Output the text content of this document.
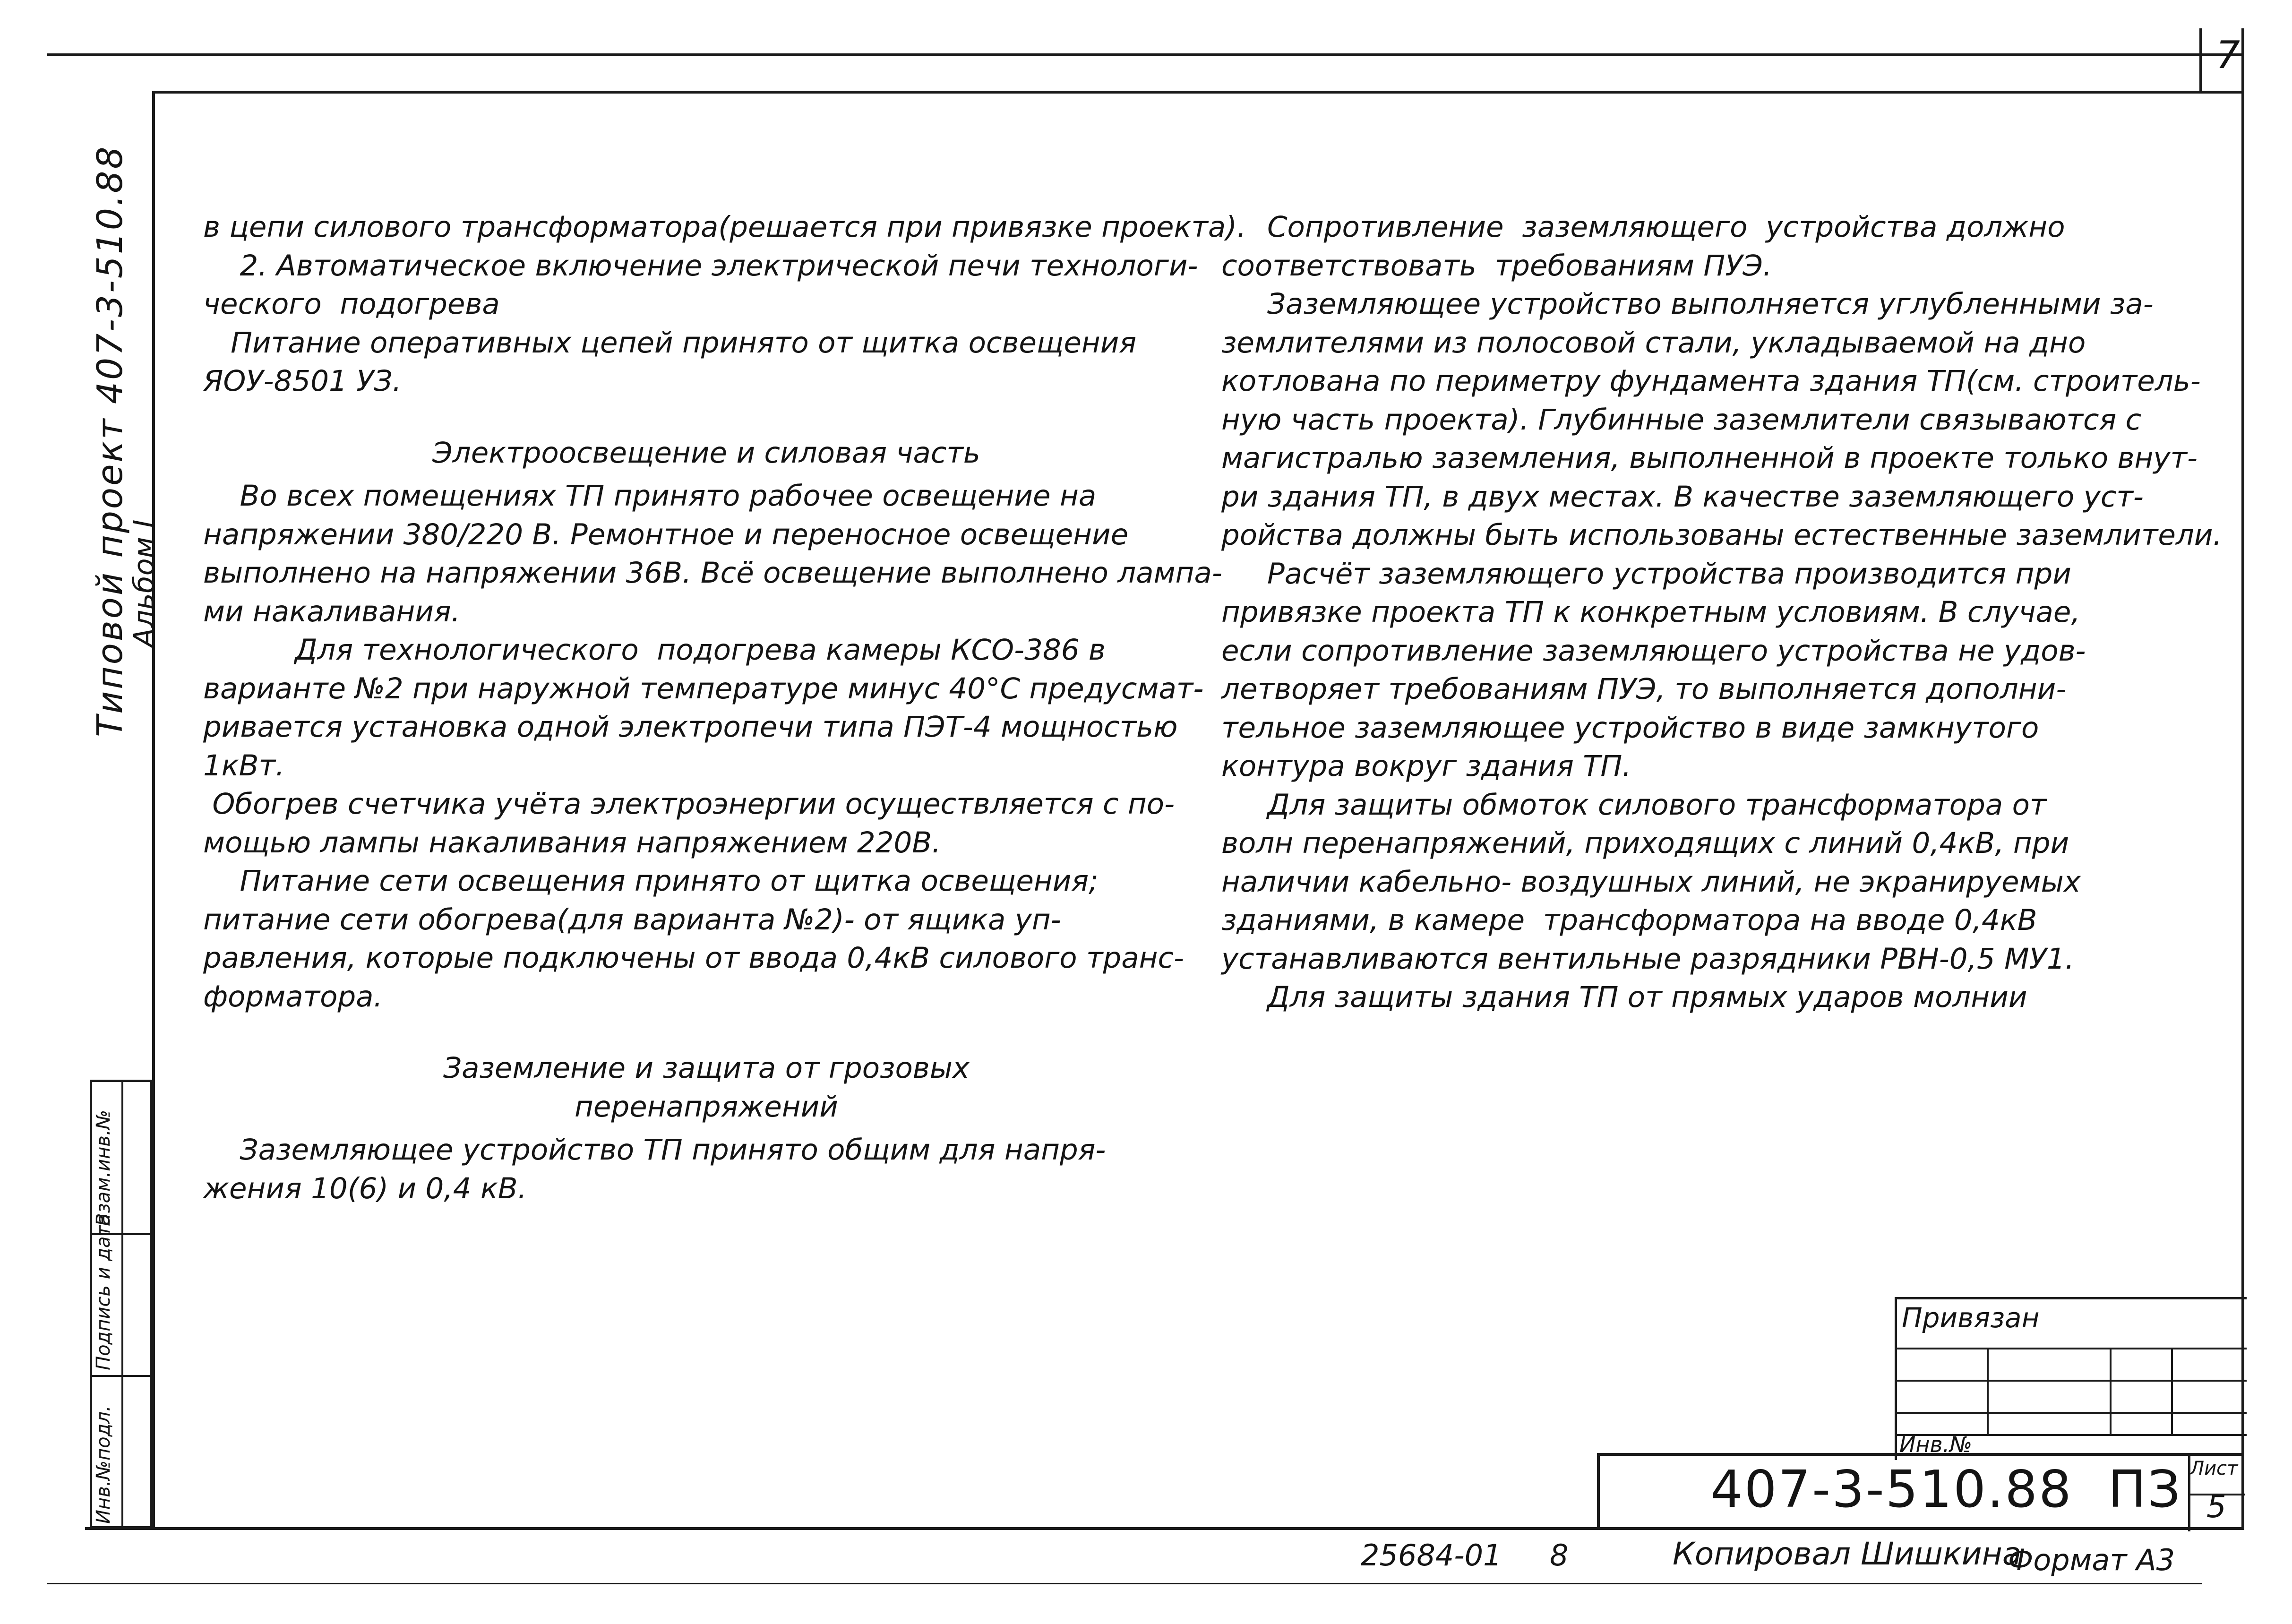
7
Типовой проект 407-3-510.88
Альбом I
Инв.№подл.
Подпись и дата
Взам.инв.№

в цепи силового трансформатора(решается при привязке проекта).

2. Автоматическое включение электрической печи технологи-

ческого  подогрева

Питание оперативных цепей принято от щитка освещения

ЯОУ-8501 УЗ.

Электроосвещение и силовая часть

Во всех помещениях ТП принято рабочее освещение на

напряжении 380/220 В. Ремонтное и переносное освещение

выполнено на напряжении 36В. Всё освещение выполнено лампа-

ми накаливания.

Для технологического  подогрева камеры КСО-386 в

варианте №2 при наружной температуре минус 40°С предусмат-

ривается установка одной электропечи типа ПЭТ-4 мощностью

1кВт.

Обогрев счетчика учёта электроэнергии осуществляется с по-

мощью лампы накаливания напряжением 220В.

Питание сети освещения принято от щитка освещения;

питание сети обогрева(для варианта №2)- от ящика уп-

равления, которые подключены от ввода 0,4кВ силового транс-

форматора.

Заземление и защита от грозовых
перенапряжений

Заземляющее устройство ТП принято общим для напря-

жения 10(6) и 0,4 кВ.

Сопротивление  заземляющего  устройства должно

соответствовать  требованиям ПУЭ.

Заземляющее устройство выполняется углубленными за-

землителями из полосовой стали, укладываемой на дно

котлована по периметру фундамента здания ТП(см. строитель-

ную часть проекта). Глубинные заземлители связываются с

магистралью заземления, выполненной в проекте только внут-

ри здания ТП, в двух местах. В качестве заземляющего уст-

ройства должны быть использованы естественные заземлители.

Расчёт заземляющего устройства производится при

привязке проекта ТП к конкретным условиям. В случае,

если сопротивление заземляющего устройства не удов-

летворяет требованиям ПУЭ, то выполняется дополни-

тельное заземляющее устройство в виде замкнутого

контура вокруг здания ТП.

Для защиты обмоток силового трансформатора от

волн перенапряжений, приходящих с линий 0,4кВ, при

наличии кабельно- воздушных линий, не экранируемых

зданиями, в камере  трансформатора на вводе 0,4кВ

устанавливаются вентильные разрядники РВН-0,5 МУ1.

Для защиты здания ТП от прямых ударов молнии

Привязан
Инв.№
407-3-510.88  ПЗ Лист
5
25684-01 8	Копировал Шишкина
Формат А3
